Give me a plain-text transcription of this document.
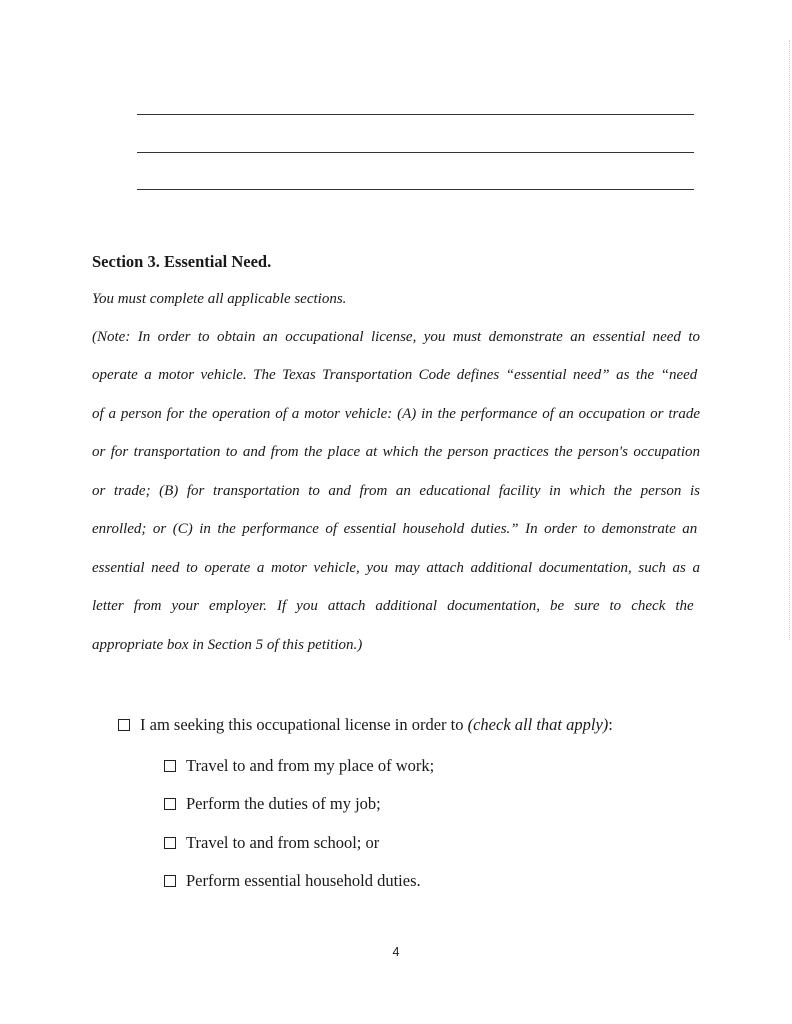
Section 3. Essential Need.
You must complete all applicable sections.

(Note: In order to obtain an occupational license, you must demonstrate an essential need to

operate a motor vehicle. The Texas Transportation Code defines “essential need” as the “need

of a person for the operation of a motor vehicle: (A) in the performance of an occupation or trade

or for transportation to and from the place at which the person practices the person's occupation

or trade; (B) for transportation to and from an educational facility in which the person is

enrolled; or (C) in the performance of essential household duties.” In order to demonstrate an

essential need to operate a motor vehicle, you may attach additional documentation, such as a

letter from your employer. If you attach additional documentation, be sure to check the

appropriate box in Section 5 of this petition.)

I am seeking this occupational license in order to
(check all that apply) :
Travel to and from my place of work;
Perform the duties of my job;
Travel to and from school; or
Perform essential household duties.
4
